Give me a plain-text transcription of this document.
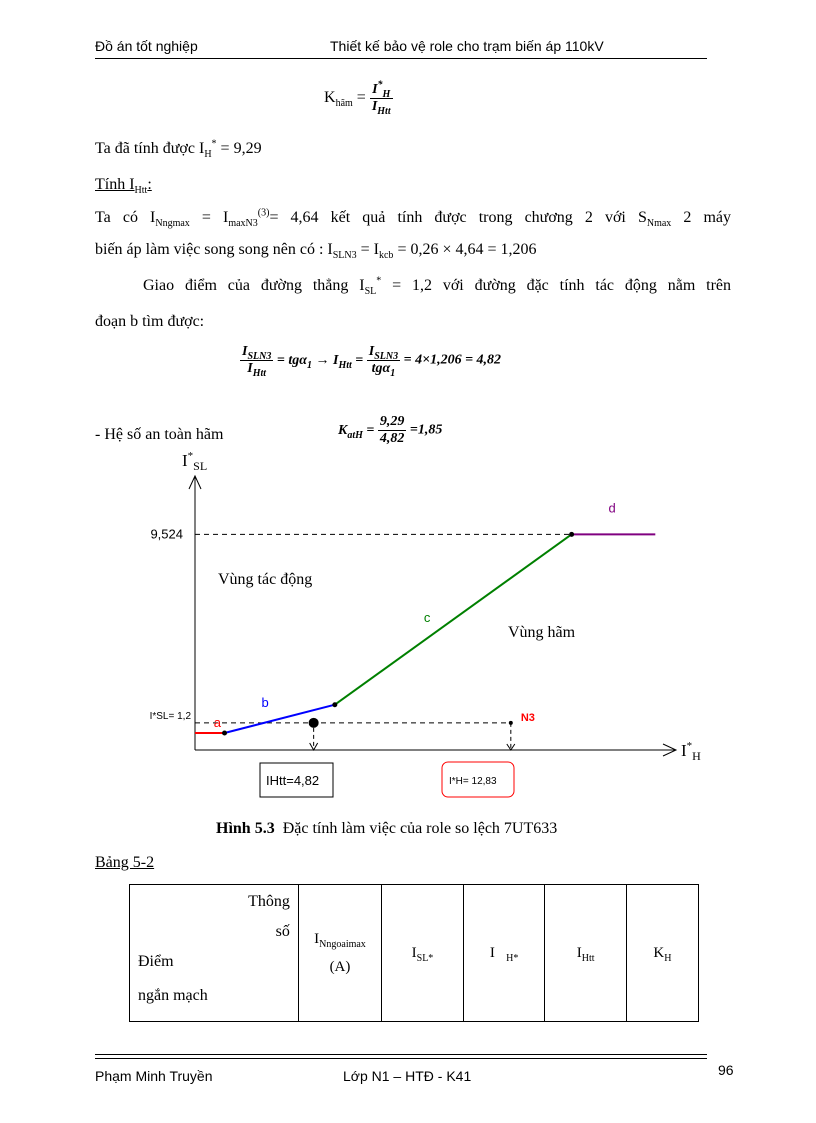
Đồ án tốt nghiệp	Thiết kế bảo vệ role cho trạm biến áp 110kV
$K_{hãm} = \frac{I^*_H}{I_{Htt}}$
Ta đã tính được $I_H^* = 9,29$
Tính $I_{Htt}$:
Ta có $I_{Nngmax} = I_{maxN3}^{(3)}= 4,64$ kết quả tính được trong chương 2 với $S_{Nmax}$ 2 máy
biến áp làm việc song song nên có : $I_{SLN3} = I_{kcb} = 0,26 \times 4,64 = 1,206$
Giao điểm của đường thẳng $I_{SL}^* = 1,2$ với đường đặc tính tác động nằm trên
đoạn b tìm được:
$\frac{I_{SLN3}}{I_{Htt}} = tg\alpha_1 \to I_{Htt} = \frac{I_{SLN3}}{tg\alpha_1} = 4\times 1,206 = 4,82$
- Hệ số an toàn hãm	$K_{atH} = \frac{9,29}{4,82} =1,85$
$I^*_{SL}$
$I^*_H$
9,524
I*SL= 1,2
Vùng tác động
Vùng hãm
a
b
c
d
N3
IHtt=4,82	I*H= 12,83
Hình 5.3 Đặc tính làm việc của role so lệch 7UT633
Bảng 5-2
Thông
số
Điểm
ngắn mạch
	$I_{Nngoaimax}$
(A)	$I_{SL*}$	I   $_{H*}$	$I_{Htt}$	$K_H$
Phạm Minh Truyền	Lớp N1 – HTĐ - K41	96
